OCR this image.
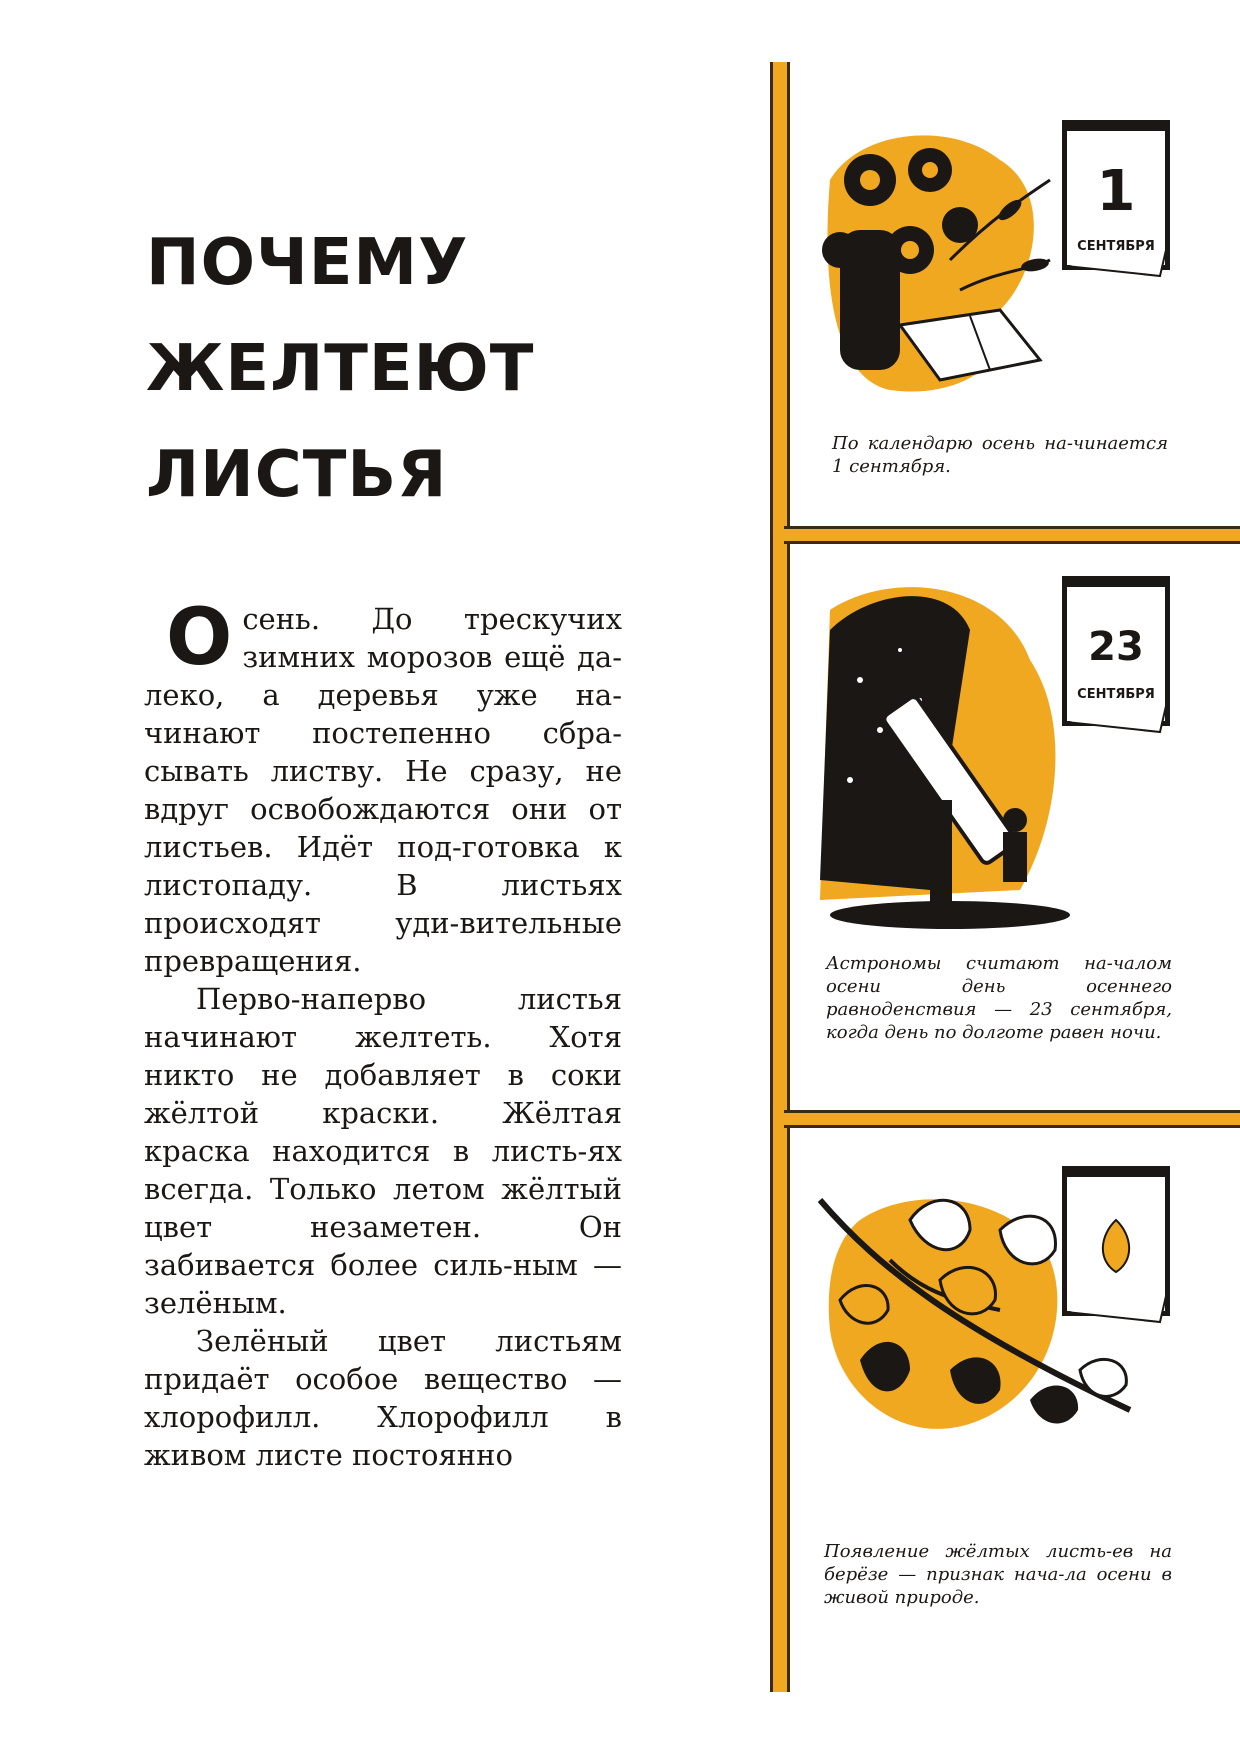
ПОЧЕМУ
ЖЕЛТЕЮТ
ЛИСТЬЯ

Осень. До трескучих зимних морозов ещё да-леко, а деревья уже на-чинают постепенно сбра-сывать листву. Не сразу, не вдруг освобождаются они от листьев. Идёт под-готовка к листопаду. В листьях происходят уди-вительные превращения.

Перво-наперво листья начинают желтеть. Хотя никто не добавляет в соки жёлтой краски. Жёлтая краска находится в листь-ях всегда. Только летом жёлтый цвет незаметен. Он забивается более силь-ным — зелёным.

Зелёный цвет листьям придаёт особое вещество — хлорофилл. Хлорофилл в живом листе постоянно

1
СЕНТЯБРЯ
По календарю осень на-чинается 1 сентября.
23
СЕНТЯБРЯ
Астрономы считают на-чалом осени день осеннего равноденствия — 23 сентября, когда день по долготе равен ночи.
Появление жёлтых листь-ев на берёзе — признак нача-ла осени в живой природе.
